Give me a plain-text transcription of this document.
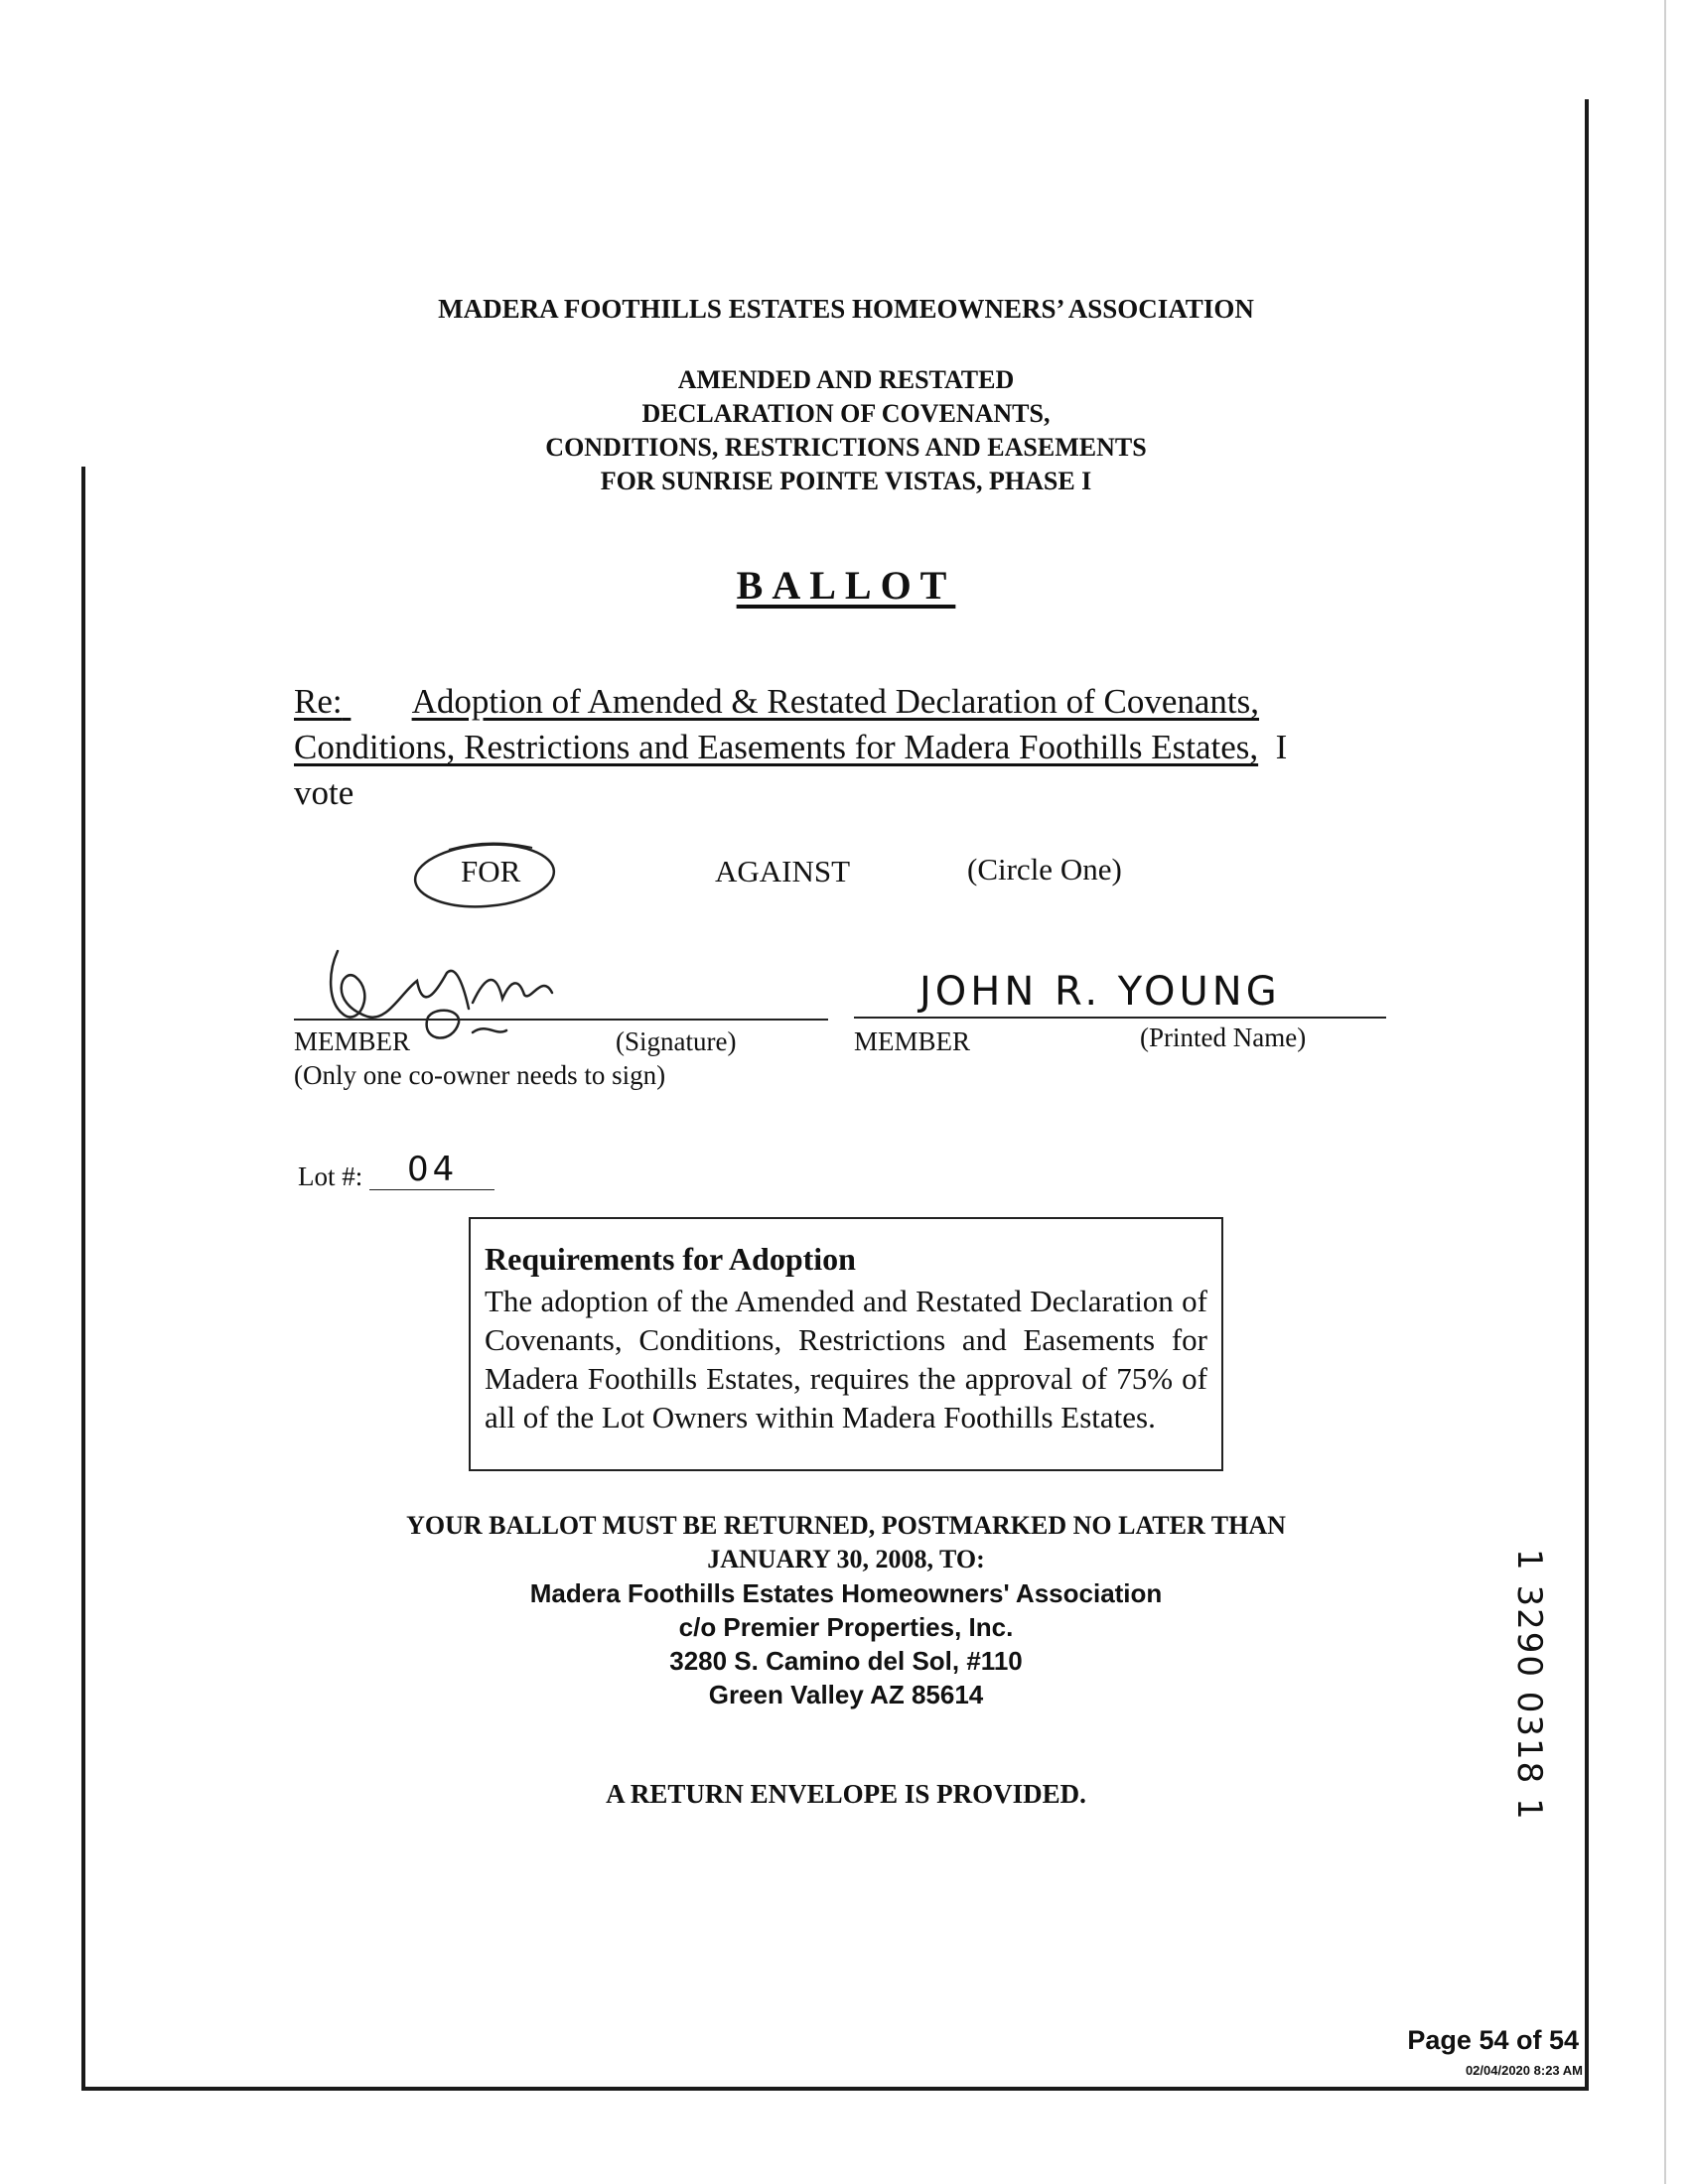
MADERA FOOTHILLS ESTATES HOMEOWNERS’ ASSOCIATION
AMENDED AND RESTATED
DECLARATION OF COVENANTS,
CONDITIONS, RESTRICTIONS AND EASEMENTS
FOR SUNRISE POINTE VISTAS, PHASE I
BALLOT
Re: Adoption of Amended & Restated Declaration of Covenants,
Conditions, Restrictions and Easements for Madera Foothills Estates, I
vote
FOR	AGAINST	(Circle One)
MEMBER	(Signature)
(Only one co-owner needs to sign)
JOHN R. YOUNG
MEMBER	(Printed Name)
Lot #: 04
Requirements for Adoption
The adoption of the Amended and Restated Declaration of Covenants, Conditions, Restrictions and Easements for Madera Foothills Estates, requires the approval of 75% of all of the Lot Owners within Madera Foothills Estates.
YOUR BALLOT MUST BE RETURNED, POSTMARKED NO LATER THAN
JANUARY 30, 2008, TO:
Madera Foothills Estates Homeowners' Association
c/o Premier Properties, Inc.
3280 S. Camino del Sol, #110
Green Valley AZ 85614
A RETURN ENVELOPE IS PROVIDED.	1 3290 0318 1
Page 54 of 54
02/04/2020 8:23 AM
